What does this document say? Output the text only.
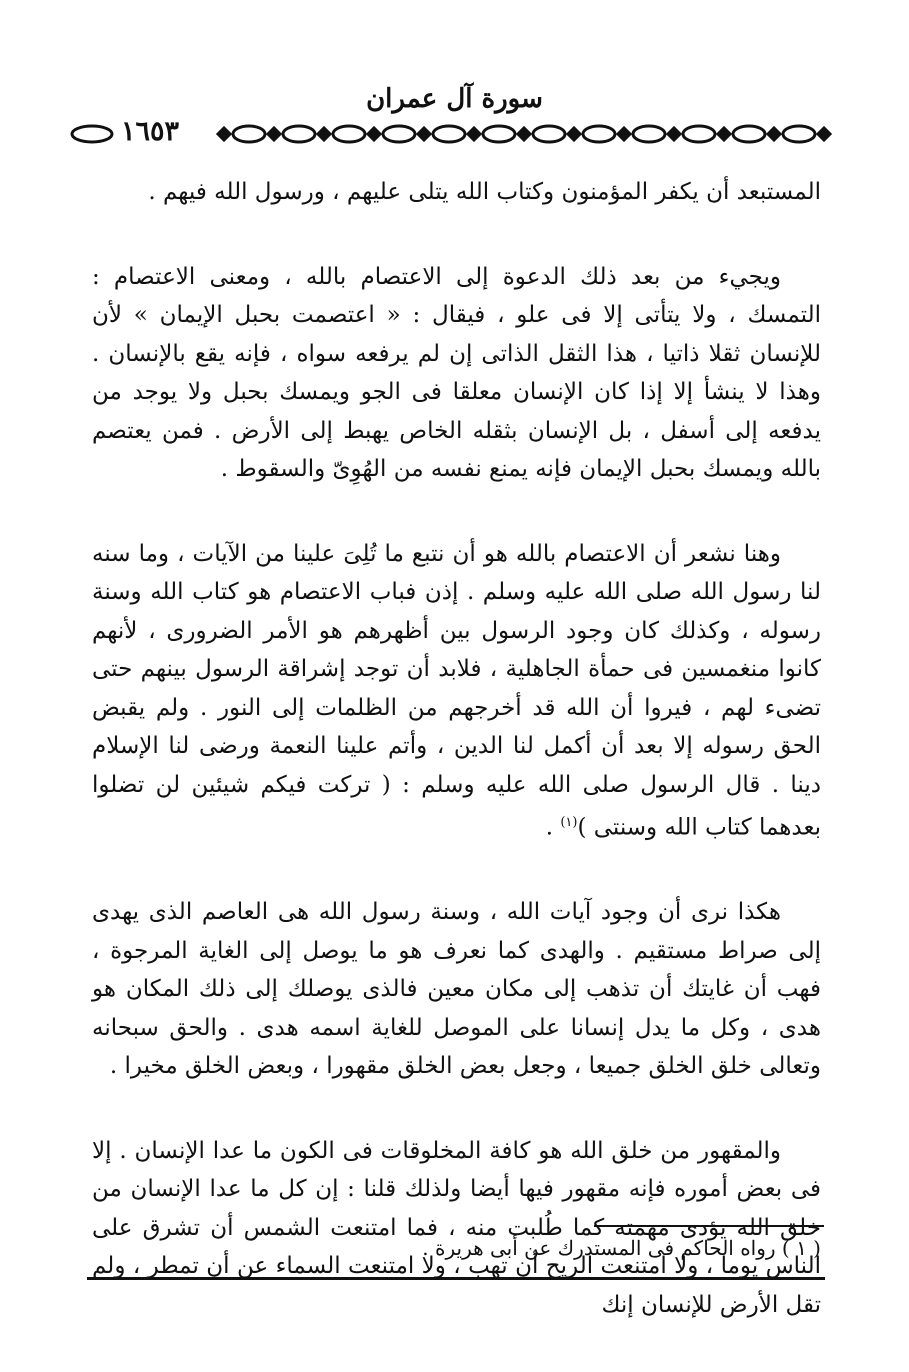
سورة آل عمران
١٦٥٣

المستبعد أن يكفر المؤمنون وكتاب الله يتلى عليهم ، ورسول الله فيهم .

ويجيء من بعد ذلك الدعوة إلى الاعتصام بالله ، ومعنى الاعتصام : التمسك ، ولا يتأتى إلا فى علو ، فيقال : « اعتصمت بحبل الإيمان » لأن للإنسان ثقلا ذاتيا ، هذا الثقل الذاتى إن لم يرفعه سواه ، فإنه يقع بالإنسان . وهذا لا ينشأ إلا إذا كان الإنسان معلقا فى الجو ويمسك بحبل ولا يوجد من يدفعه إلى أسفل ، بل الإنسان بثقله الخاص يهبط إلى الأرض . فمن يعتصم بالله ويمسك بحبل الإيمان فإنه يمنع نفسه من الهُوِىّ والسقوط .

وهنا نشعر أن الاعتصام بالله هو أن نتبع ما تُلِىَ علينا من الآيات ، وما سنه لنا رسول الله صلى الله عليه وسلم . إذن فباب الاعتصام هو كتاب الله وسنة رسوله ، وكذلك كان وجود الرسول بين أظهرهم هو الأمر الضرورى ، لأنهم كانوا منغمسين فى حمأة الجاهلية ، فلابد أن توجد إشراقة الرسول بينهم حتى تضىء لهم ، فيروا أن الله قد أخرجهم من الظلمات إلى النور . ولم يقبض الحق رسوله إلا بعد أن أكمل لنا الدين ، وأتم علينا النعمة ورضى لنا الإسلام دينا . قال الرسول صلى الله عليه وسلم : ( تركت فيكم شيئين لن تضلوا بعدهما كتاب الله وسنتى )$^{(١)}$ .

هكذا نرى أن وجود آيات الله ، وسنة رسول الله هى العاصم الذى يهدى إلى صراط مستقيم . والهدى كما نعرف هو ما يوصل إلى الغاية المرجوة ، فهب أن غايتك أن تذهب إلى مكان معين فالذى يوصلك إلى ذلك المكان هو هدى ، وكل ما يدل إنسانا على الموصل للغاية اسمه هدى . والحق سبحانه وتعالى خلق الخلق جميعا ، وجعل بعض الخلق مقهورا ، وبعض الخلق مخيرا .

والمقهور من خلق الله هو كافة المخلوقات فى الكون ما عدا الإنسان . إلا فى بعض أموره فإنه مقهور فيها أيضا ولذلك قلنا : إن كل ما عدا الإنسان من خلق الله يؤدى مهمته كما طُلبت منه ، فما امتنعت الشمس أن تشرق على الناس يوما ، ولا امتنعت الريح أن تهب ، ولا امتنعت السماء عن أن تمطر ، ولم تقل الأرض للإنسان إنك

( ١ ) رواه الحاكم فى المستدرك عن أبى هريرة .
